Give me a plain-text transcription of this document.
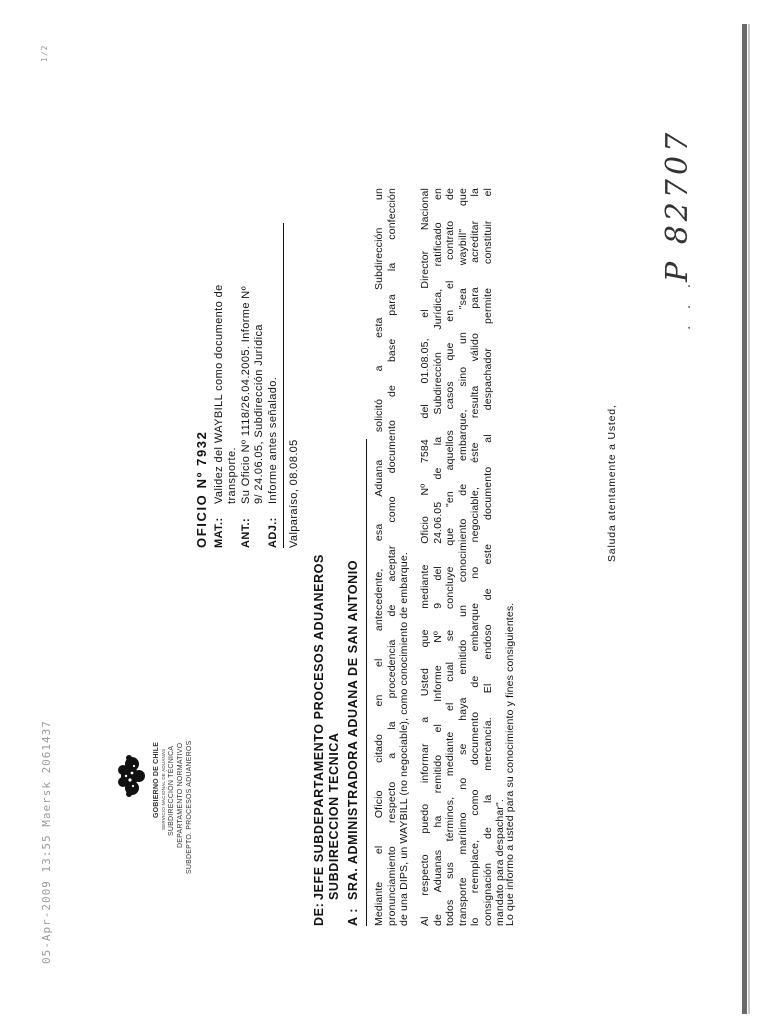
05-Apr-2009 13:55 Maersk 2061437
1/2
GOBIERNO DE CHILE SERVICIO NACIONAL DE ADUANAS SUBDIRECCIÓN TÉCNICA DEPARTAMENTO NORMATIVO SUBDEPTO. PROCESOS ADUANEROS
OFICIO Nº 7932 MAT.:Validez del WAYBILL como documento de transporte.
ANT.:Su Oficio Nº 1118/26.04.2005. Informe Nº 9/ 24.06.05, Subdirección Jurídica
ADJ.:Informe antes señalado. Valparaíso, 08.08.05
DE:JEFE SUBDEPARTAMENTO PROCESOS ADUANEROS SUBDIRECCION TECNICA
A :SRA. ADMINISTRADORA ADUANA DE SAN ANTONIO Mediante el Oficio citado en el antecedente, esa Aduana solicitó a esta Subdirección un pronunciamiento respecto a la procedencia de aceptar como documento de base para la confección de una DIPS, un WAYBILL (no negociable), como conocimiento de embarque. Al respecto puedo informar a Usted que mediante Oficio Nº 7584 del 01.08.05, el Director Nacional de Aduanas ha remitido el Informe Nº 9 del 24.06.05 de la Subdirección Jurídica, ratificado en todos sus términos, mediante el cual se concluye que "en aquellos casos que en el contrato de transporte marítimo no se haya emitido un conocimiento de embarque, sino un "sea waybill" que lo reemplace, como documento de embarque no negociable, éste resulta válido para acreditar la consignación de la mercancía. El endoso de este documento al despachador permite constituir el mandato para despachar".
Lo que informo a usted para su conocimiento y fines consiguientes.
Saluda atentamente a Usted,
· · ·
P 82707
